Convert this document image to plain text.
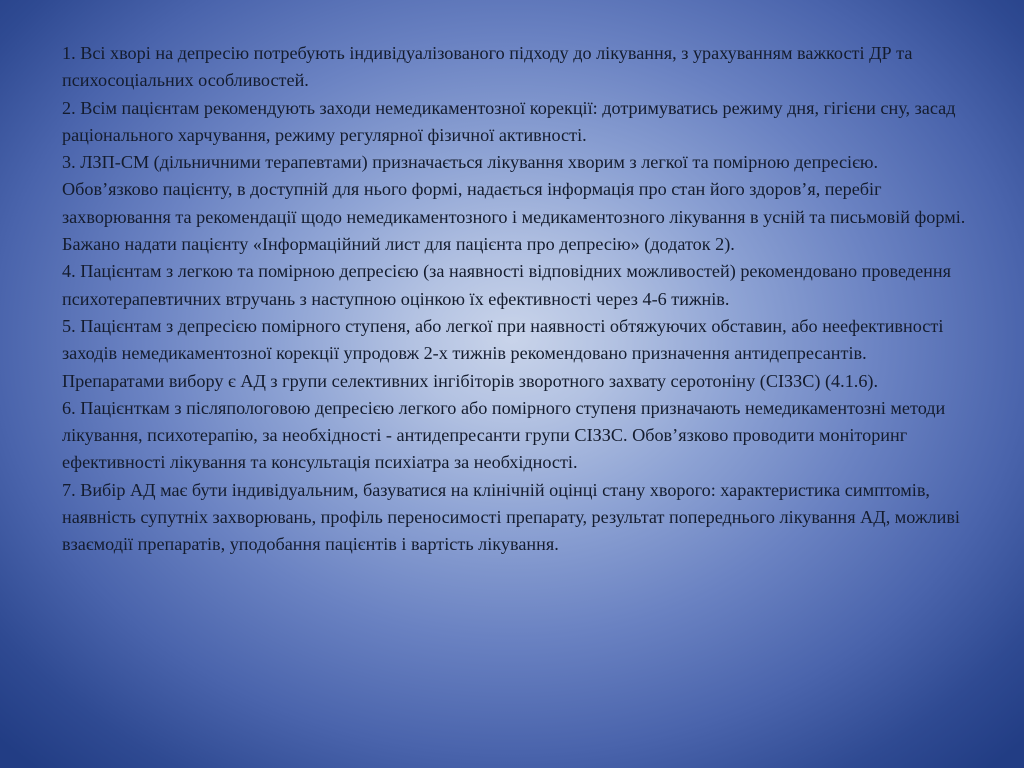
1. Всі хворі на депресію потребують індивідуалізованого підходу до лікування, з урахуванням важкості ДР та психосоціальних особливостей.

2. Всім пацієнтам рекомендують заходи немедикаментозної корекції: дотримуватись режиму дня, гігієни сну, засад раціонального харчування, режиму регулярної фізичної активності.

3. ЛЗП-СМ (дільничними терапевтами) призначається лікування хворим з легкої та помірною депресією. Обов’язково пацієнту, в доступній для нього формі, надається інформація про стан його здоров’я, перебіг захворювання та рекомендації щодо немедикаментозного і медикаментозного лікування в усній та письмовій формі. Бажано надати пацієнту «Інформаційний лист для пацієнта про депресію» (додаток 2).

4. Пацієнтам з легкою та помірною депресією (за наявності відповідних можливостей) рекомендовано проведення психотерапевтичних втручань з наступною оцінкою їх ефективності через 4-6 тижнів.

5. Пацієнтам з депресією помірного ступеня, або легкої при наявності обтяжуючих обставин, або неефективності заходів немедикаментозної корекції упродовж 2-х тижнів рекомендовано призначення антидепресантів. Препаратами вибору є АД з групи селективних інгібіторів зворотного захвату серотоніну (СІЗЗС) (4.1.6).

6. Пацієнткам з післяпологовою депресією легкого або помірного ступеня призначають немедикаментозні методи лікування, психотерапію, за необхідності - антидепресанти групи СІЗЗС. Обов’язково проводити моніторинг ефективності лікування та консультація психіатра за необхідності.

7. Вибір АД має бути індивідуальним, базуватися на клінічній оцінці стану хворого: характеристика симптомів, наявність супутніх захворювань, профіль переносимості препарату, результат попереднього лікування АД, можливі взаємодії препаратів, уподобання пацієнтів і вартість лікування.
